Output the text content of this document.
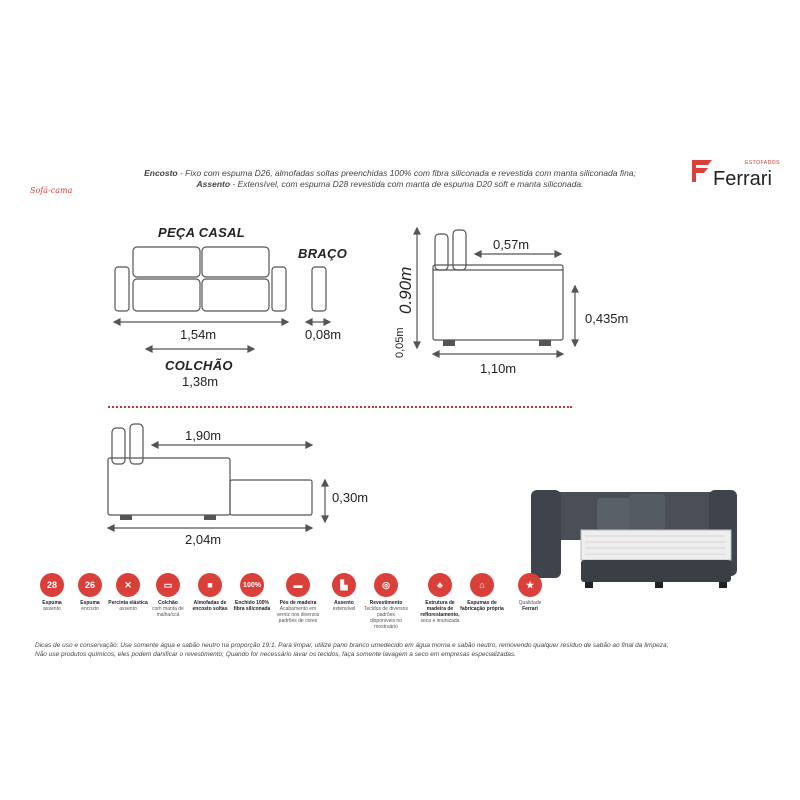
Encosto - Fixo com espuma D26, almofadas soltas preenchidas 100% com fibra siliconada e revestida com manta siliconada fina;
Assento - Extensível, com espuma D28 revestida com manta de espuma D20 soft e manta siliconada.
Sofá-cama
ESTOFADOS
Ferrari
PEÇA CASAL
BRAÇO
1,54m	0,08m
COLCHÃO
1,38m
0.90m
0,57m
0,435m
0,05m
1,10m
1,90m
0,30m
2,04m
28
Espuma
assento
26
Espuma
encosto
✕
Percinta elástica
assento
▭
Colchão
com manta de malha/ccá
■
Almofadas de encosto soltas

100%
Enchido 100% fibra siliconada

▬
Pés de madeira
Acabamento em verniz nos diversos padrões de cores
▙
Assento
extensível
◎
Revestimento
Tecidos de diversos padrões disponíveis no mostruário
♣
Estrutura de madeira de reflorestamento,
seca e imunizada
⌂
Espumas de fabricação própria

★
Qualidade
Ferrari
Dicas de uso e conservação: Use somente água e sabão neutro na proporção 19:1. Para limpar, utilize pano branco umedecido em água morna e sabão neutro, removendo qualquer resíduo de sabão ao final da limpeza;
Não use produtos químicos, eles podem danificar o revestimento; Quando for necessário lavar os tecidos, faça somente lavagem a seco em empresas especializadas.
